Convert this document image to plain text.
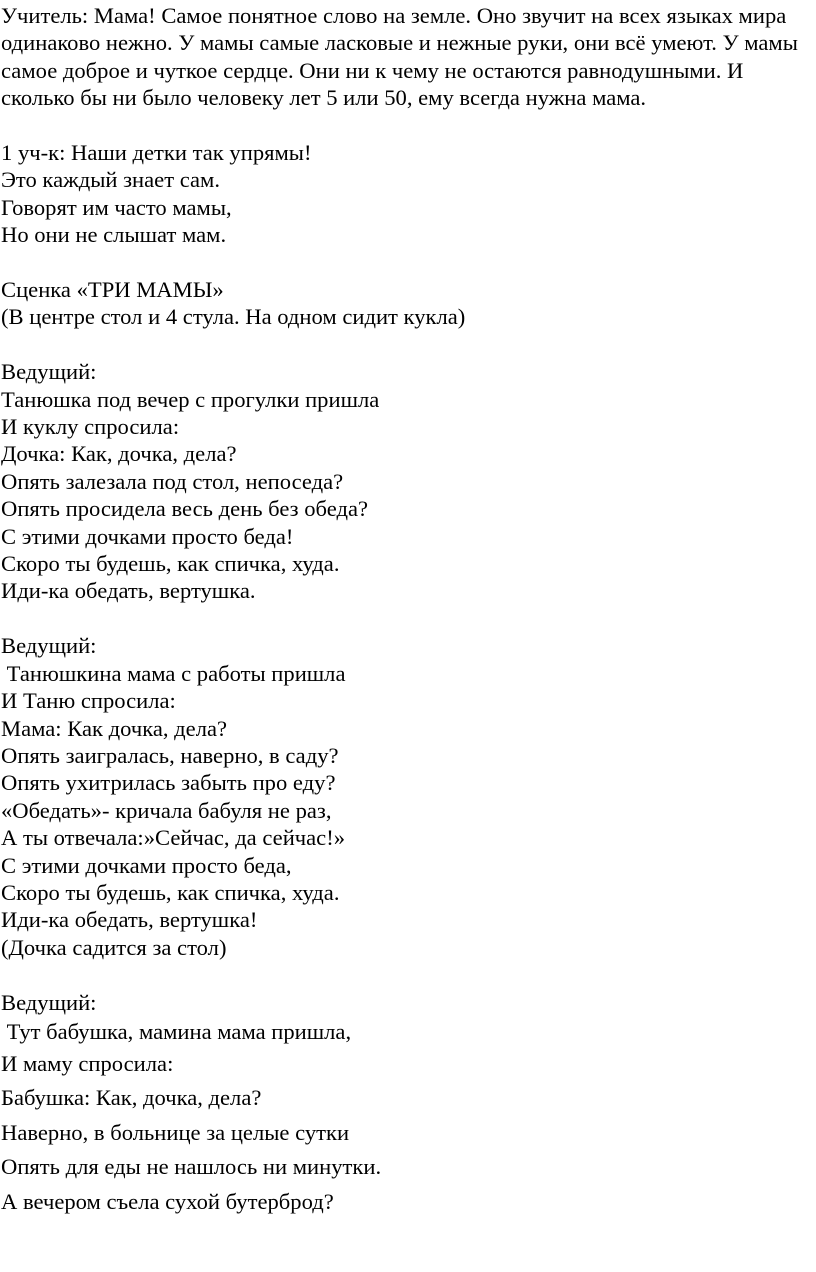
Учитель: Мама! Самое понятное слово на земле. Оно звучит на всех языках мира одинаково нежно. У мамы самые ласковые и нежные руки, они всё умеют. У мамы самое доброе и чуткое сердце. Они ни к чему не остаются равнодушными. И сколько бы ни было человеку лет 5 или 50, ему всегда нужна мама.
1 уч-к: Наши детки так упрямы!
Это каждый знает сам.
Говорят им часто мамы,
Но они не слышат мам.
Сценка «ТРИ МАМЫ»
(В центре стол и 4 стула. На одном сидит кукла)
Ведущий:
Танюшка под вечер с прогулки пришла
И куклу спросила:
Дочка: Как, дочка, дела?
Опять залезала под стол, непоседа?
Опять просидела весь день без обеда?
С этими дочками просто беда!
Скоро ты будешь, как спичка, худа.
Иди-ка обедать, вертушка.
Ведущий:
Танюшкина мама с работы пришла
И Таню спросила:
Мама: Как дочка, дела?
Опять заигралась, наверно, в саду?
Опять ухитрилась забыть про еду?
«Обедать»- кричала бабуля не раз,
А ты отвечала:»Сейчас, да сейчас!»
С этими дочками просто беда,
Скоро ты будешь, как спичка, худа.
Иди-ка обедать, вертушка!
(Дочка садится за стол)
Ведущий:
Тут бабушка, мамина мама пришла,
И маму спросила:
Бабушка: Как, дочка, дела?
Наверно, в больнице за целые сутки
Опять для еды не нашлось ни минутки.
А вечером съела сухой бутерброд?
